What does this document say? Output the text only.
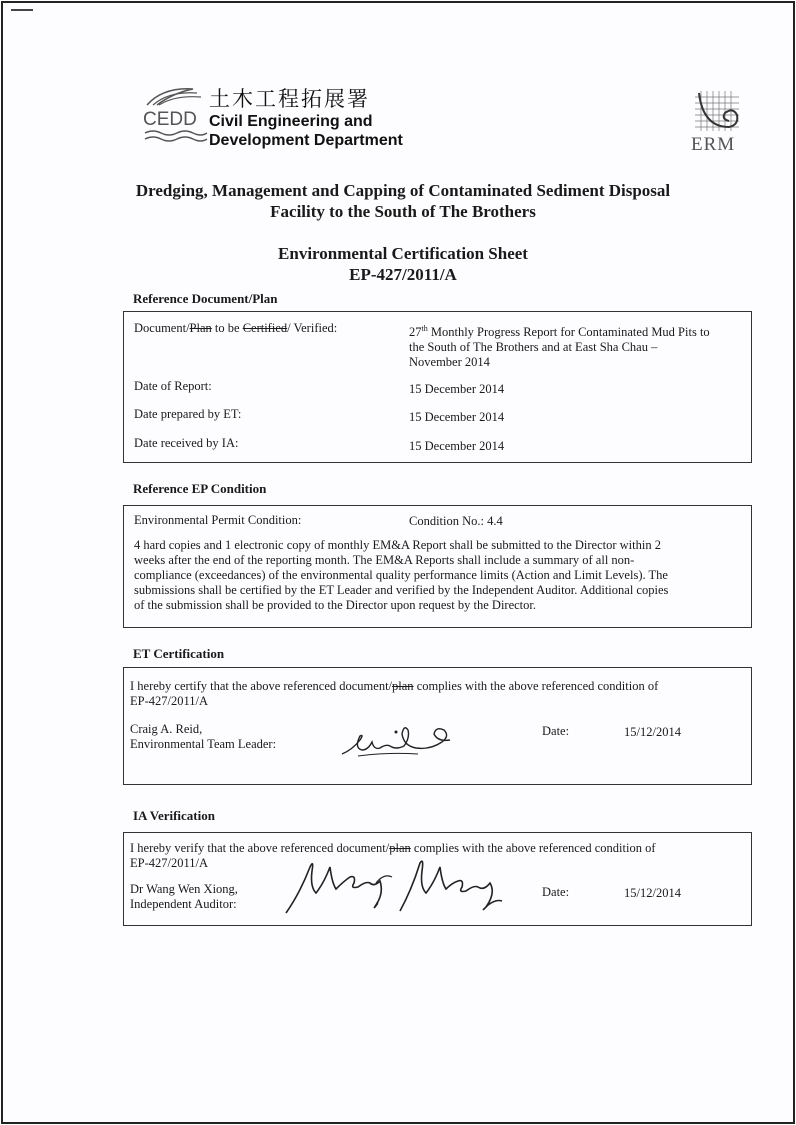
CEDD
土木工程拓展署
Civil Engineering and
Development Department	ERM
Dredging, Management and Capping of Contaminated Sediment Disposal
Facility to the South of The Brothers
Environmental Certification Sheet
EP-427/2011/A
Reference Document/Plan
Document/Plan to be Certified/ Verified:	27th Monthly Progress Report for Contaminated Mud Pits to
the South of The Brothers and at East Sha Chau –
November 2014
Date of Report:	15 December 2014
Date prepared by ET:	15 December 2014
Date received by IA:	15 December 2014
Reference EP Condition
Environmental Permit Condition:	Condition No.: 4.4
4 hard copies and 1 electronic copy of monthly EM&A Report shall be submitted to the Director within 2
weeks after the end of the reporting month. The EM&A Reports shall include a summary of all non-
compliance (exceedances) of the environmental quality performance limits (Action and Limit Levels). The
submissions shall be certified by the ET Leader and verified by the Independent Auditor. Additional copies
of the submission shall be provided to the Director upon request by the Director.
ET Certification
I hereby certify that the above referenced document/plan complies with the above referenced condition of
EP-427/2011/A
Craig A. Reid,
Environmental Team Leader:
Date:	15/12/2014
IA Verification
I hereby verify that the above referenced document/plan complies with the above referenced condition of
EP-427/2011/A
Dr Wang Wen Xiong,
Independent Auditor:
Date:	15/12/2014
